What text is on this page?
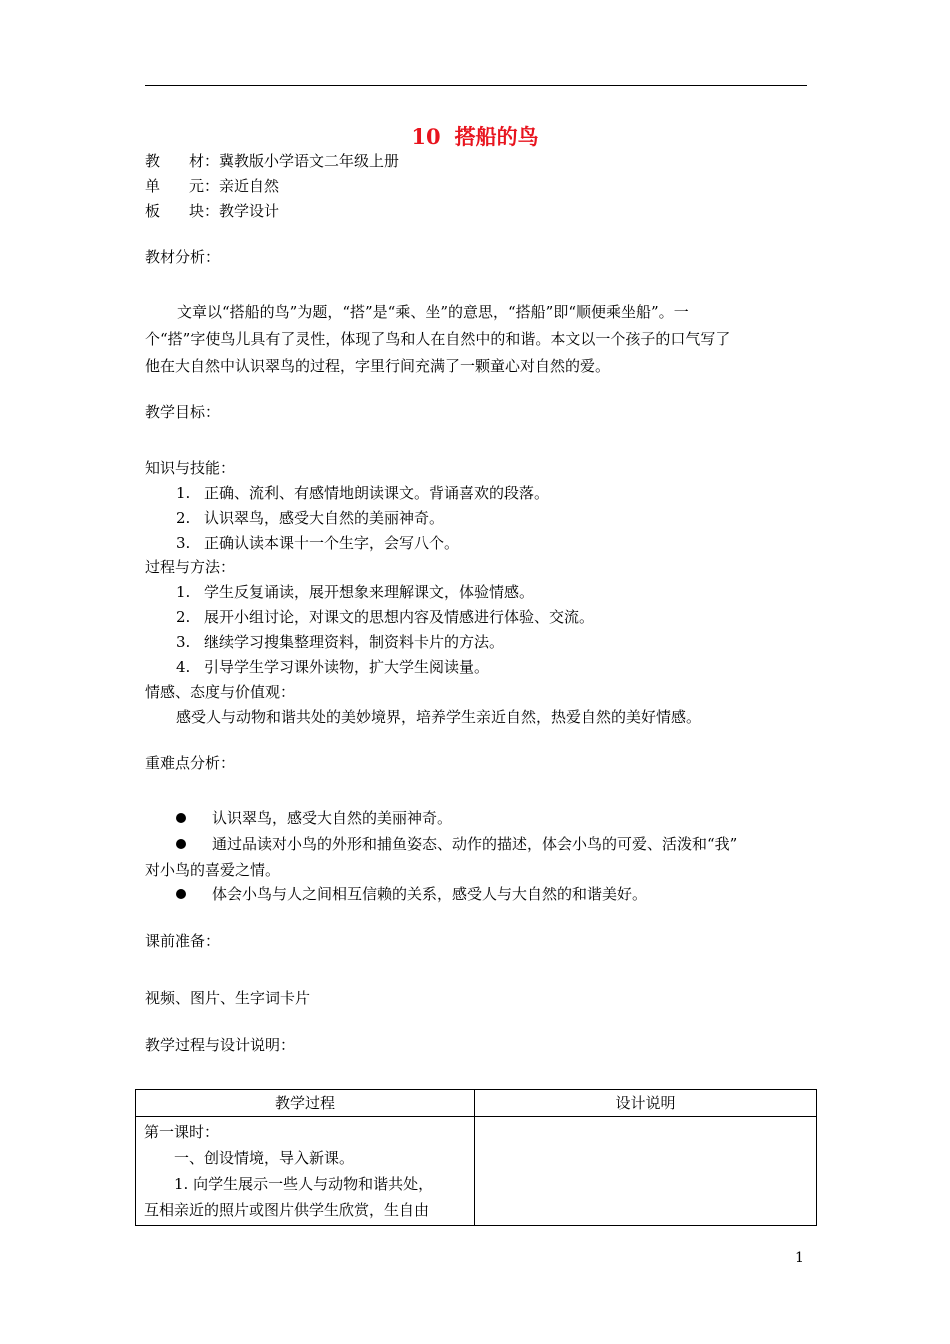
10 搭船的鸟
教 材：冀教版小学语文二年级上册
单 元：亲近自然
板 块：教学设计
教材分析：
文章以“搭船的鸟”为题，“搭”是“乘、坐”的意思，“搭船”即“顺便乘坐船”。一
个“搭”字使鸟儿具有了灵性，体现了鸟和人在自然中的和谐。本文以一个孩子的口气写了
他在大自然中认识翠鸟的过程，字里行间充满了一颗童心对自然的爱。
教学目标：
知识与技能：
1. 正确、流利、有感情地朗读课文。背诵喜欢的段落。
2. 认识翠鸟，感受大自然的美丽神奇。
3. 正确认读本课十一个生字，会写八个。
过程与方法：
1. 学生反复诵读，展开想象来理解课文，体验情感。
2. 展开小组讨论，对课文的思想内容及情感进行体验、交流。
3. 继续学习搜集整理资料，制资料卡片的方法。
4. 引导学生学习课外读物，扩大学生阅读量。
情感、态度与价值观：
感受人与动物和谐共处的美妙境界，培养学生亲近自然，热爱自然的美好情感。
重难点分析：
认识翠鸟，感受大自然的美丽神奇。
通过品读对小鸟的外形和捕鱼姿态、动作的描述，体会小鸟的可爱、活泼和“我”
对小鸟的喜爱之情。
体会小鸟与人之间相互信赖的关系，感受人与大自然的和谐美好。
课前准备：
视频、图片、生字词卡片
教学过程与设计说明：
教学过程	设计说明

第一课时：
一、创设情境，导入新课。
1. 向学生展示一些人与动物和谐共处，
互相亲近的照片或图片供学生欣赏，生自由	

1
